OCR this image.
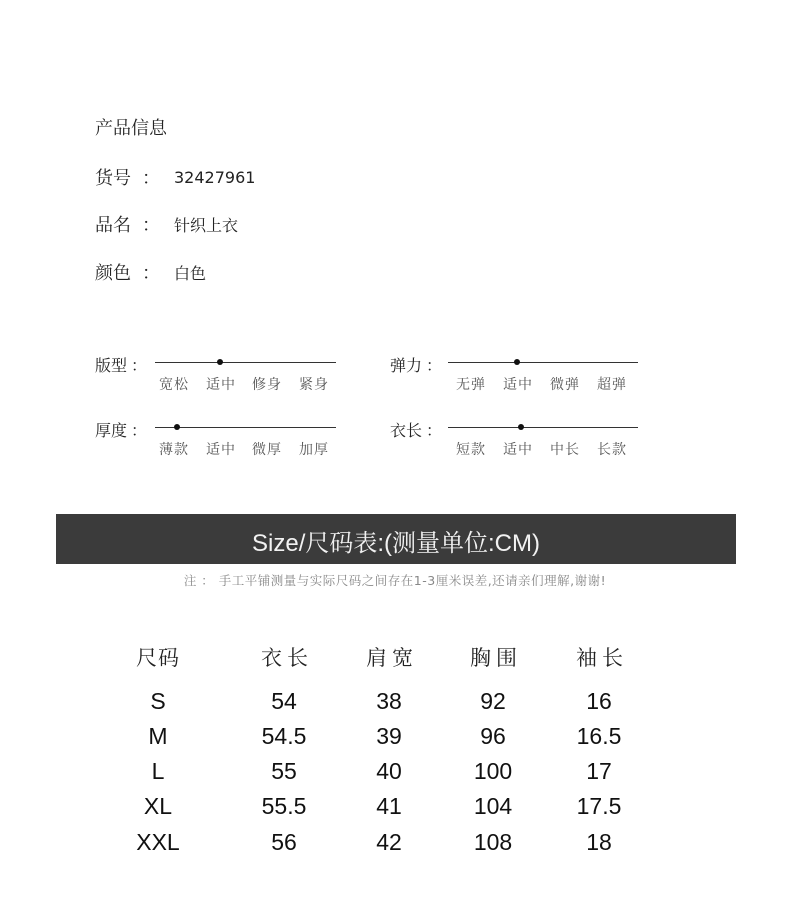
产品信息
货号 ： 32427961
品名 ： 针织上衣
颜色 ： 白色
版型 ：
宽松	适中	修身	紧身
弹力 ：
无弹	适中	微弹	超弹
厚度 ：
薄款	适中	微厚	加厚
衣长 ：
短款	适中	中长	长款
Size/尺码表:(测量单位:CM)
注 ： 手工平铺测量与实际尺码之间存在1-3厘米误差,还请亲们理解,谢谢!
尺码	衣长	肩宽	胸围	袖长
S	54	38	92	16
M	54.5	39	96	16.5
L	55	40	100	17
XL	55.5	41	104	17.5
XXL	56	42	108	18
